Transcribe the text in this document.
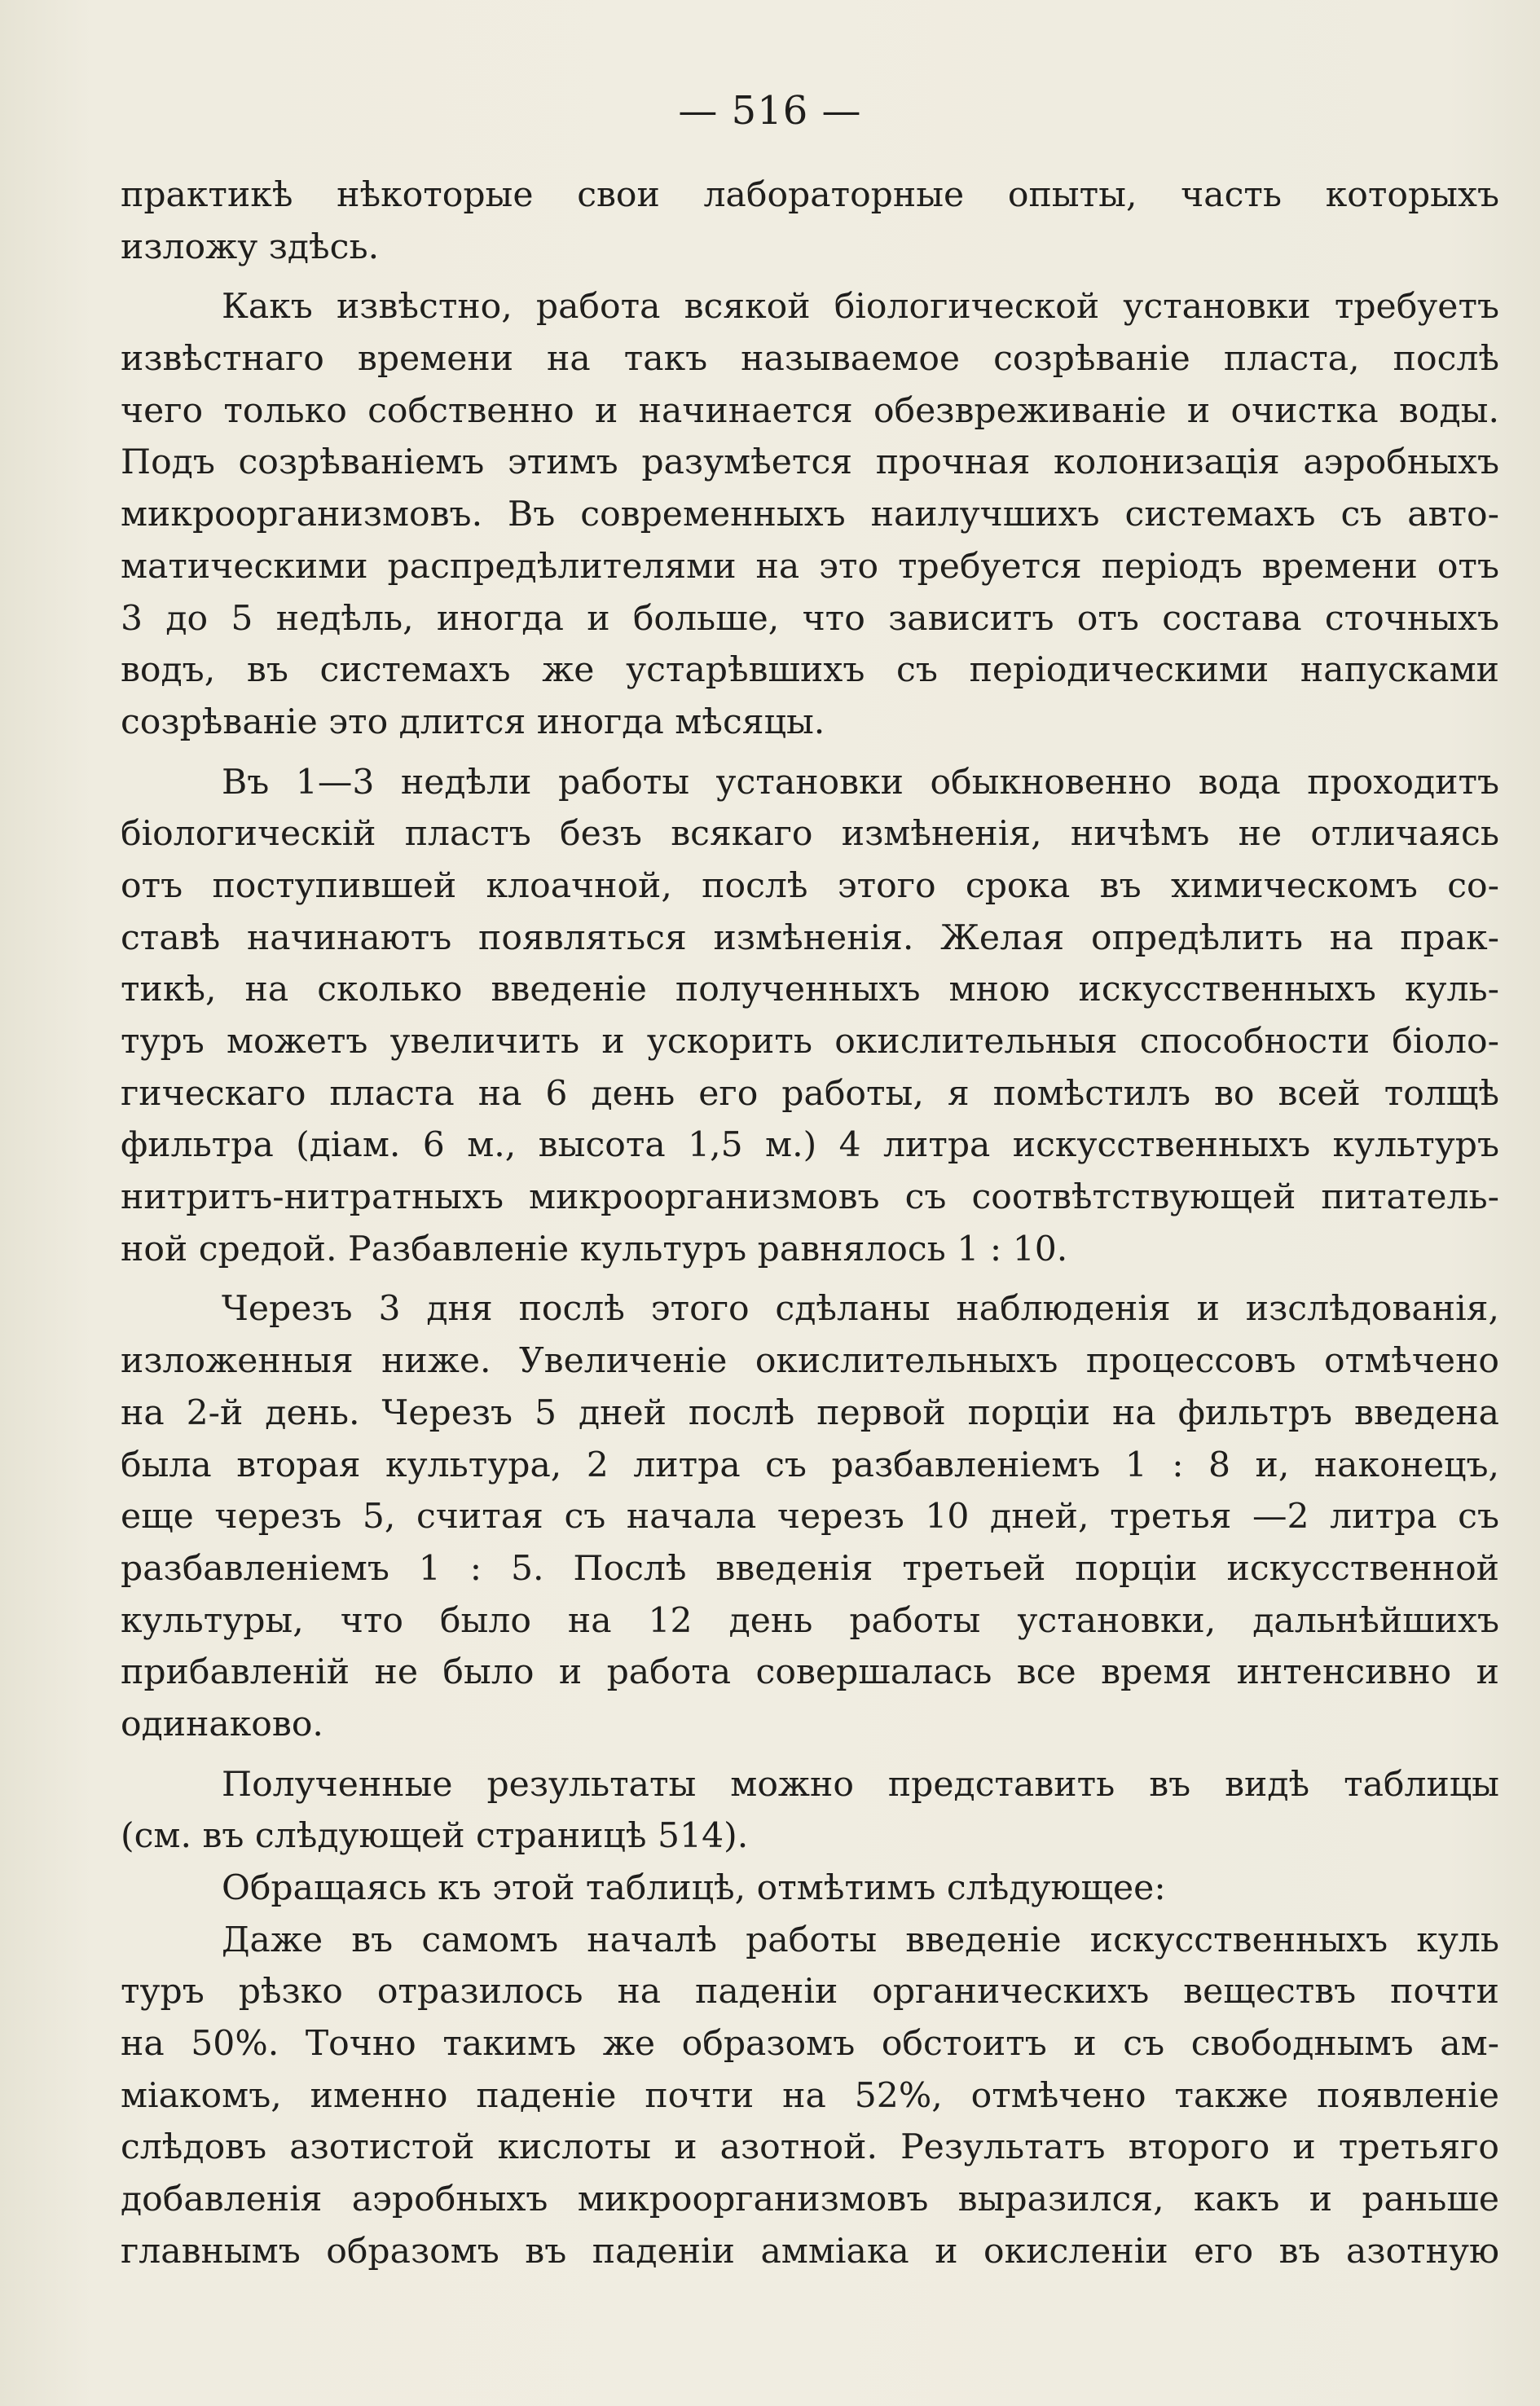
— 516 —
практикѣ нѣкоторые свои лабораторные опыты, часть которыхъ
изложу здѣсь.
Какъ извѣстно, работа всякой біологической установки требуетъ
извѣстнаго времени на такъ называемое созрѣваніе пласта, послѣ
чего только собственно и начинается обезвреживаніе и очистка воды.
Подъ созрѣваніемъ этимъ разумѣется прочная колонизація аэробныхъ
микроорганизмовъ. Въ современныхъ наилучшихъ системахъ съ авто-
матическими распредѣлителями на это требуется періодъ времени отъ
3 до 5 недѣль, иногда и больше, что зависитъ отъ состава сточныхъ
водъ, въ системахъ же устарѣвшихъ съ періодическими напусками
созрѣваніе это длится иногда мѣсяцы.
Въ 1—3 недѣли работы установки обыкновенно вода проходитъ
біологическій пластъ безъ всякаго измѣненія, ничѣмъ не отличаясь
отъ поступившей клоачной, послѣ этого срока въ химическомъ со-
ставѣ начинаютъ появляться измѣненія. Желая опредѣлить на прак-
тикѣ, на сколько введеніе полученныхъ мною искусственныхъ куль-
туръ можетъ увеличить и ускорить окислительныя способности біоло-
гическаго пласта на 6 день его работы, я помѣстилъ во всей толщѣ
фильтра (діам. 6 м., высота 1,5 м.) 4 литра искусственныхъ культуръ
нитритъ-нитратныхъ микроорганизмовъ съ соотвѣтствующей питатель-
ной средой. Разбавленіе культуръ равнялось 1 : 10.
Черезъ 3 дня послѣ этого сдѣланы наблюденія и изслѣдованія,
изложенныя ниже. Увеличеніе окислительныхъ процессовъ отмѣчено
на 2-й день. Черезъ 5 дней послѣ первой порціи на фильтръ введена
была вторая культура, 2 литра съ разбавленіемъ 1 : 8 и, наконецъ,
еще черезъ 5, считая съ начала черезъ 10 дней, третья —2 литра съ
разбавленіемъ 1 : 5. Послѣ введенія третьей порціи искусственной
культуры, что было на 12 день работы установки, дальнѣйшихъ
прибавленій не было и работа совершалась все время интенсивно и
одинаково.
Полученные результаты можно представить въ видѣ таблицы
(см. въ слѣдующей страницѣ 514).
Обращаясь къ этой таблицѣ, отмѣтимъ слѣдующее:
Даже въ самомъ началѣ работы введеніе искусственныхъ куль
туръ рѣзко отразилось на паденіи органическихъ веществъ почти
на 50%. Точно такимъ же образомъ обстоитъ и съ свободнымъ ам-
міакомъ, именно паденіе почти на 52%, отмѣчено также появленіе
слѣдовъ азотистой кислоты и азотной. Результатъ второго и третьяго
добавленія аэробныхъ микроорганизмовъ выразился, какъ и раньше
главнымъ образомъ въ паденіи амміака и окисленіи его въ азотную
